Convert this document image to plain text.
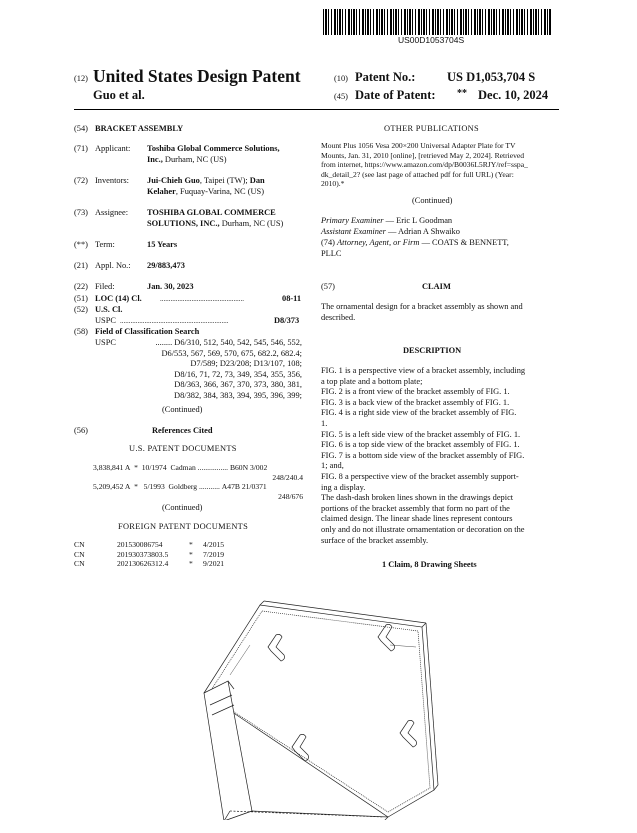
US00D1053704S
(12) United States Design Patent	(10) Patent No.:	US D1,053,704 S
Guo et al.	(45) Date of Patent: ** Dec. 10, 2024
(54) BRACKET ASSEMBLY
(71) Applicant: Toshiba Global Commerce Solutions,
Inc., Durham, NC (US)
(72) Inventors: Jui-Chieh Guo, Taipei (TW); Dan
Kelaher, Fuquay-Varina, NC (US)
(73) Assignee: TOSHIBA GLOBAL COMMERCE
SOLUTIONS, INC., Durham, NC (US)
(**) Term:	15 Years
(21) Appl. No.: 29/883,473
(22) Filed:	Jan. 30, 2023
(51) LOC (14) Cl.	................................................	08-11
(52) U.S. Cl.
USPC ..............................................................	D8/373
(58) Field of Classification Search
USPC	........ D6/310, 512, 540, 542, 545, 546, 552,
D6/553, 567, 569, 570, 675, 682.2, 682.4;
D7/589; D23/208; D13/107, 108;
D8/16, 71, 72, 73, 349, 354, 355, 356,
D8/363, 366, 367, 370, 373, 380, 381,
D8/382, 384, 383, 394, 395, 396, 399;
(Continued)
(56)	References Cited
U.S. PATENT DOCUMENTS
3,838,841 A * 10/1974 Cadman ................ B60N 3/002
248/240.4
5,209,452 A * 5/1993 Goldberg ........... A47B 21/0371
248/676
(Continued)
FOREIGN PATENT DOCUMENTS
CN	201530086754	* 4/2015
CN	201930373803.5	* 7/2019
CN	202130626312.4	* 9/2021
OTHER PUBLICATIONS
Mount Plus 1056 Vesa 200×200 Universal Adapter Plate for TV
Mounts, Jan. 31, 2010 [online], [retrieved May 2, 2024]. Retrieved
from internet, https://www.amazon.com/dp/B0036L5RJY/ref=sspa_
dk_detail_2? (see last page of attached pdf for full URL) (Year:
2010).*
(Continued)
Primary Examiner — Eric L Goodman
Assistant Examiner — Adrian A Shwaiko
(74) Attorney, Agent, or Firm — COATS & BENNETT,
PLLC
(57)	CLAIM
The ornamental design for a bracket assembly as shown and
described.
DESCRIPTION
FIG. 1 is a perspective view of a bracket assembly, including
a top plate and a bottom plate;
FIG. 2 is a front view of the bracket assembly of FIG. 1.
FIG. 3 is a back view of the bracket assembly of FIG. 1.
FIG. 4 is a right side view of the bracket assembly of FIG.
1.
FIG. 5 is a left side view of the bracket assembly of FIG. 1.
FIG. 6 is a top side view of the bracket assembly of FIG. 1.
FIG. 7 is a bottom side view of the bracket assembly of FIG.
1; and,
FIG. 8 a perspective view of the bracket assembly support-
ing a display.
The dash-dash broken lines shown in the drawings depict
portions of the bracket assembly that form no part of the
claimed design. The linear shade lines represent contours
only and do not illustrate ornamentation or decoration on the
surface of the bracket assembly.
1 Claim, 8 Drawing Sheets
